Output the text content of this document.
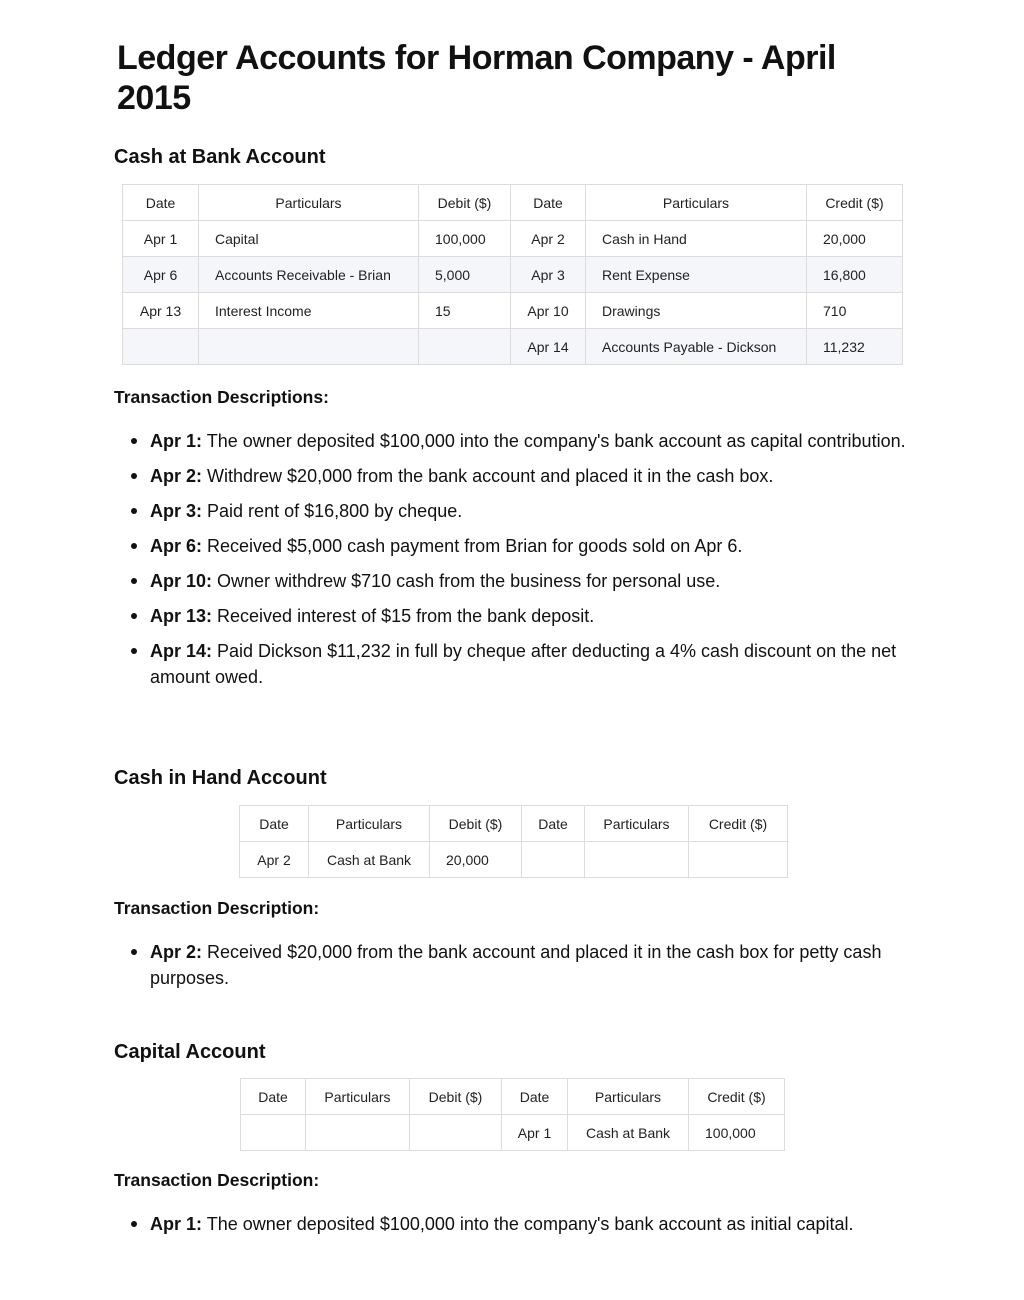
Ledger Accounts for Horman Company - April 2015
Cash at Bank Account
Date	Particulars	Debit ($)	Date	Particulars	Credit ($)
Apr 1	Capital	100,000	Apr 2	Cash in Hand	20,000
Apr 6	Accounts Receivable - Brian	5,000	Apr 3	Rent Expense	16,800
Apr 13	Interest Income	15	Apr 10	Drawings	710
			Apr 14	Accounts Payable - Dickson	11,232
Transaction Descriptions:
Apr 1: The owner deposited $100,000 into the company's bank account as capital contribution.
Apr 2: Withdrew $20,000 from the bank account and placed it in the cash box.
Apr 3: Paid rent of $16,800 by cheque.
Apr 6: Received $5,000 cash payment from Brian for goods sold on Apr 6.
Apr 10: Owner withdrew $710 cash from the business for personal use.
Apr 13: Received interest of $15 from the bank deposit.
Apr 14: Paid Dickson $11,232 in full by cheque after deducting a 4% cash discount on the net amount owed.
Cash in Hand Account
Date	Particulars	Debit ($)	Date	Particulars	Credit ($)
Apr 2	Cash at Bank	20,000			
Transaction Description:
Apr 2: Received $20,000 from the bank account and placed it in the cash box for petty cash purposes.
Capital Account
Date	Particulars	Debit ($)	Date	Particulars	Credit ($)
			Apr 1	Cash at Bank	100,000
Transaction Description:
Apr 1: The owner deposited $100,000 into the company's bank account as initial capital.
